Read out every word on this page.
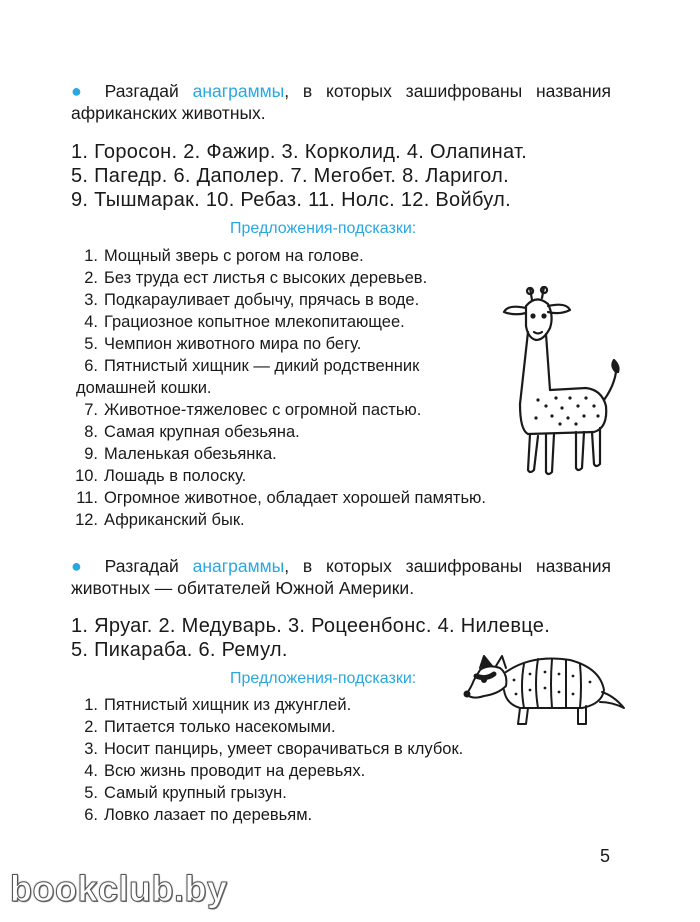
● Разгадай анаграммы, в которых зашифрованы названия африканских животных.
1. Горосон. 2. Фажир. 3. Корколид. 4. Олапинат.
5. Пагедр. 6. Даполер. 7. Мегобет. 8. Ларигол.
9. Тышмарак. 10. Ребаз. 11. Нолс. 12. Войбул.
Предложения-подсказки:
1. Мощный зверь с рогом на голове.
2. Без труда ест листья с высоких деревьев.
3. Подкарауливает добычу, прячась в воде.
4. Грациозное копытное млекопитающее.
5. Чемпион животного мира по бегу.
6. Пятнистый хищник — дикий родственник
домашней кошки.
7. Животное-тяжеловес с огромной пастью.
8. Самая крупная обезьяна.
9. Маленькая обезьянка.
10. Лошадь в полоску.
11. Огромное животное, обладает хорошей памятью.
12. Африканский бык.
● Разгадай анаграммы, в которых зашифрованы названия животных — обитателей Южной Америки.
1. Яруаг. 2. Медуварь. 3. Роцеенбонс. 4. Нилевце.
5. Пикараба. 6. Ремул.
Предложения-подсказки:
1. Пятнистый хищник из джунглей.
2. Питается только насекомыми.
3. Носит панцирь, умеет сворачиваться в клубок.
4. Всю жизнь проводит на деревьях.
5. Самый крупный грызун.
6. Ловко лазает по деревьям.
5
bookclub.by
